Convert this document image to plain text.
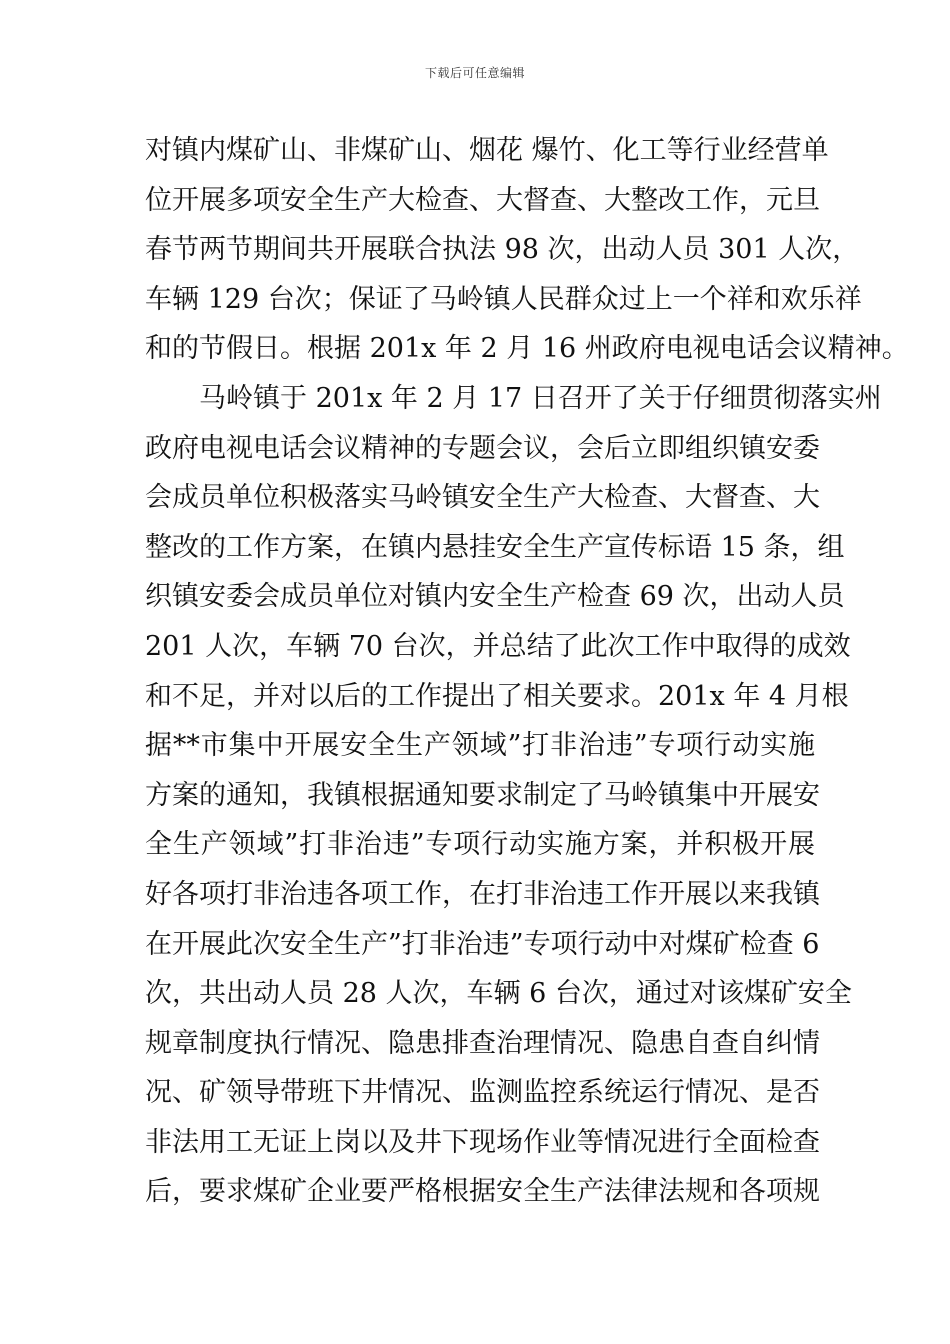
下载后可任意编辑
对镇内煤矿山、非煤矿山、烟花 爆竹、化工等行业经营单
位开展多项安全生产大检查、大督查、大整改工作，元旦
春节两节期间共开展联合执法 98 次，出动人员 301 人次，
车辆 129 台次；保证了马岭镇人民群众过上一个祥和欢乐祥
和的节假日。根据 201x 年 2 月 16 州政府电视电话会议精神。
马岭镇于 201x 年 2 月 17 日召开了关于仔细贯彻落实州
政府电视电话会议精神的专题会议，会后立即组织镇安委
会成员单位积极落实马岭镇安全生产大检查、大督查、大
整改的工作方案，在镇内悬挂安全生产宣传标语 15 条，组
织镇安委会成员单位对镇内安全生产检查 69 次，出动人员
201 人次，车辆 70 台次，并总结了此次工作中取得的成效
和不足，并对以后的工作提出了相关要求。201x 年 4 月根
据**市集中开展安全生产领域”打非治违”专项行动实施
方案的通知，我镇根据通知要求制定了马岭镇集中开展安
全生产领域”打非治违”专项行动实施方案，并积极开展
好各项打非治违各项工作，在打非治违工作开展以来我镇
在开展此次安全生产”打非治违”专项行动中对煤矿检查 6
次，共出动人员 28 人次，车辆 6 台次，通过对该煤矿安全
规章制度执行情况、隐患排查治理情况、隐患自查自纠情
况、矿领导带班下井情况、监测监控系统运行情况、是否
非法用工无证上岗以及井下现场作业等情况进行全面检查
后，要求煤矿企业要严格根据安全生产法律法规和各项规
